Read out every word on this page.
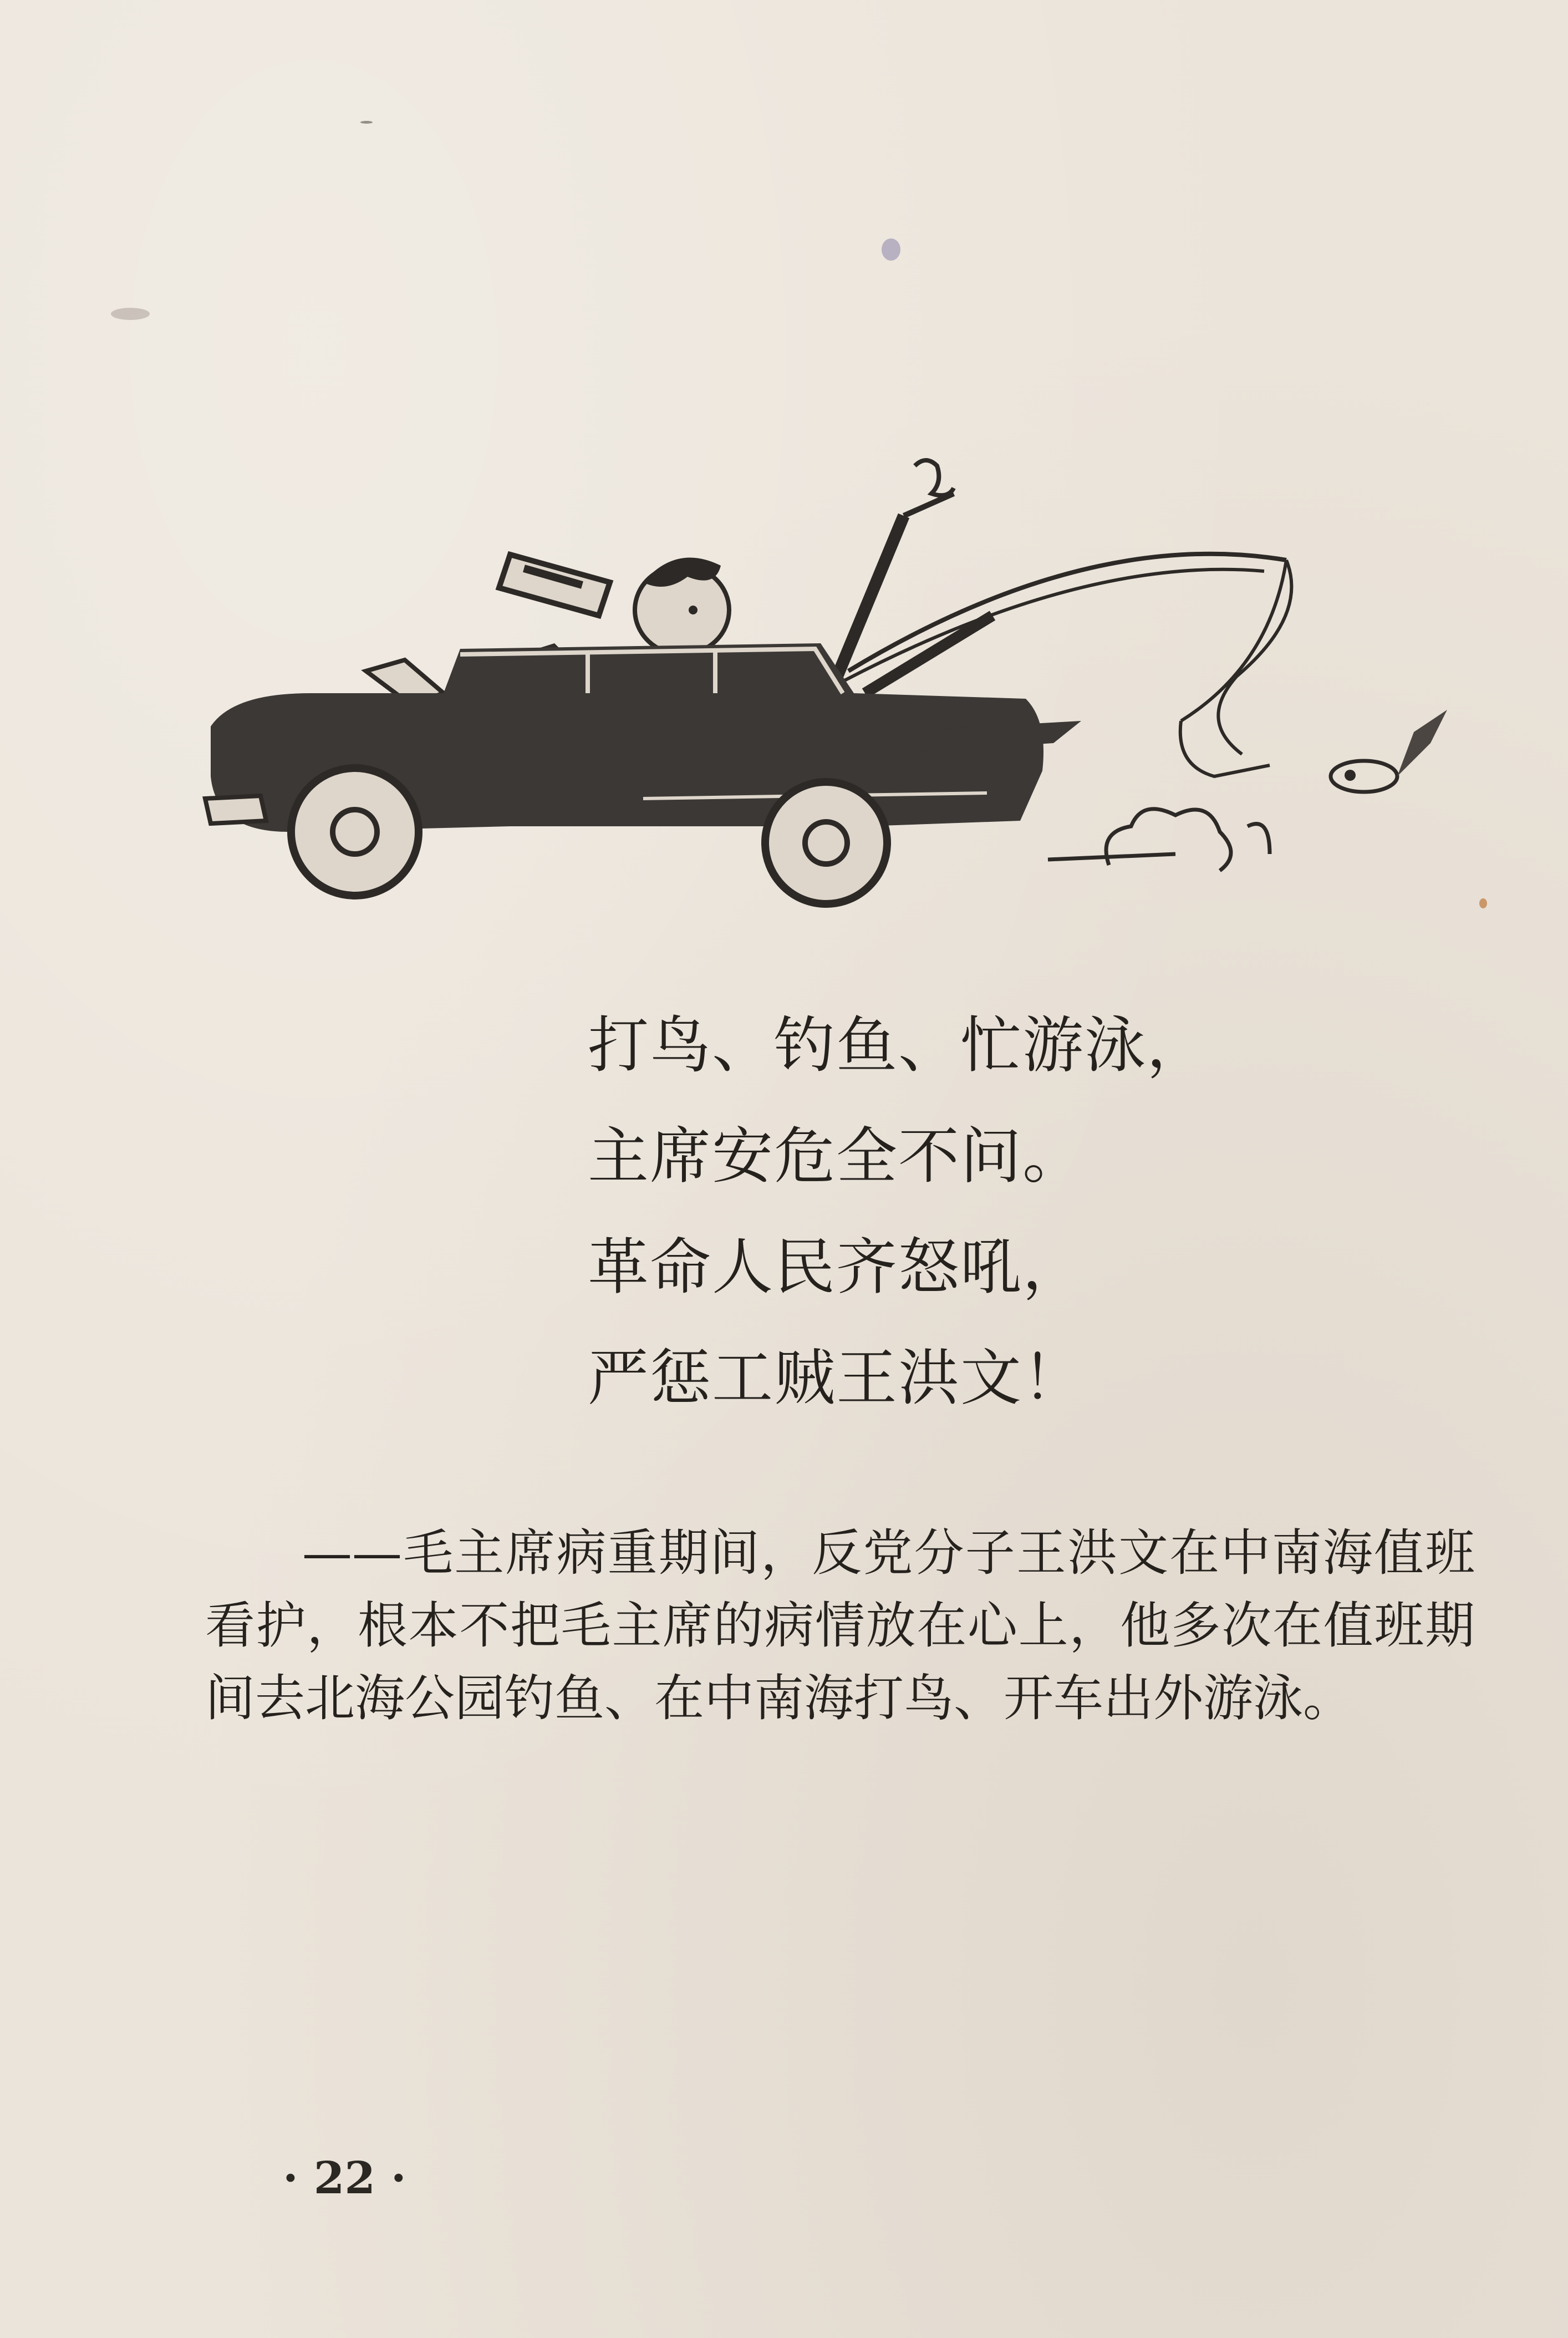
打鸟、钓鱼、忙游泳，
主席安危全不问。
革命人民齐怒吼，
严惩工贼王洪文！
——毛主席病重期间，反党分子王洪文在中南海值班看护，根本不把毛主席的病情放在心上，他多次在值班期间去北海公园钓鱼、在中南海打鸟、开车出外游泳。
· 22 ·
